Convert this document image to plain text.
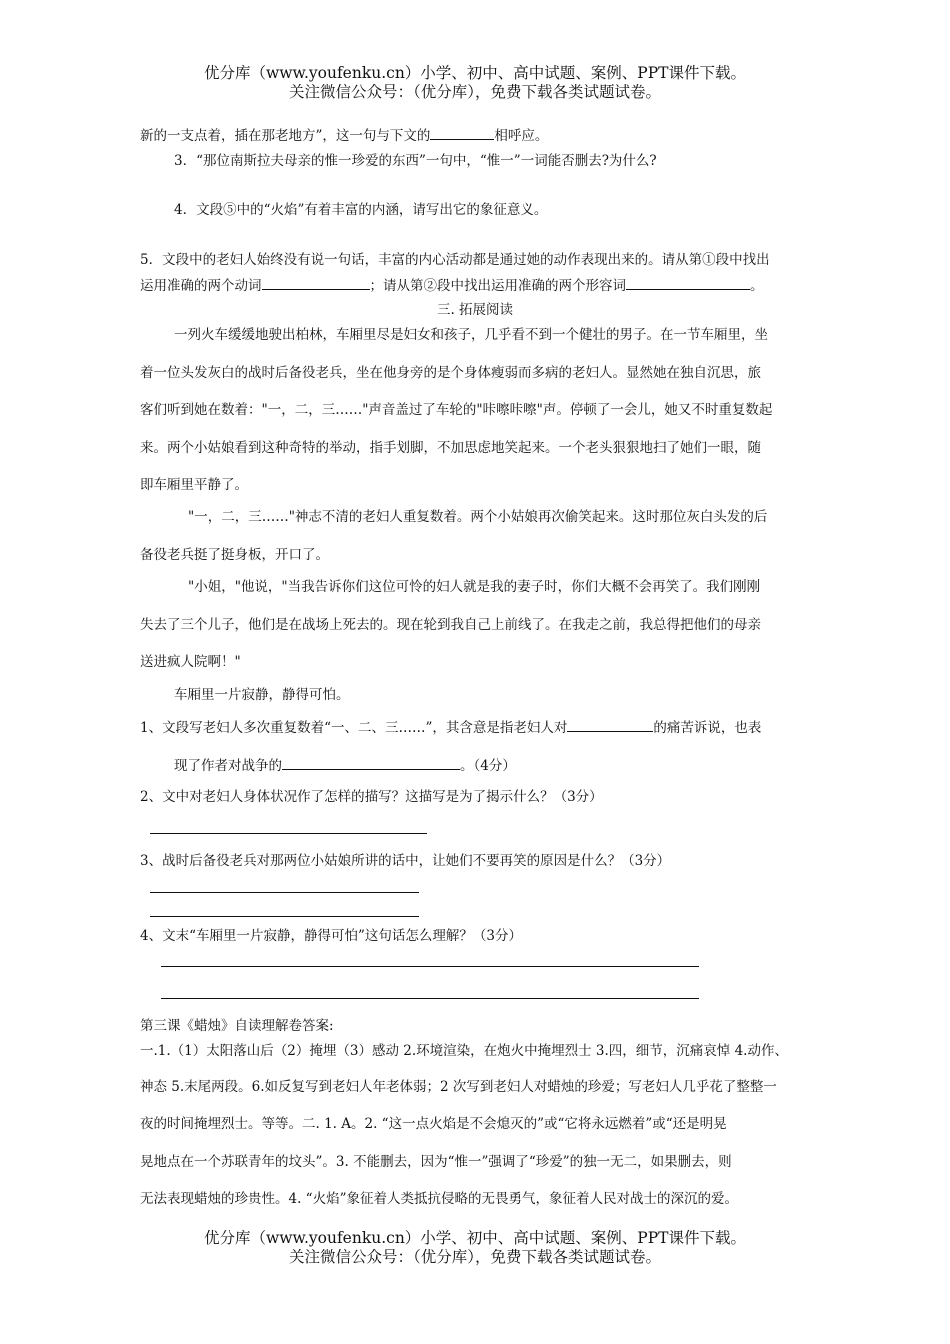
优分库（www.youfenku.cn）小学、初中、高中试题、案例、PPT课件下载。
关注微信公众号：（优分库），免费下载各类试题试卷。
新的一支点着，插在那老地方”，这一句与下文的	相呼应。
3．“那位南斯拉夫母亲的惟一珍爱的东西”一句中，“惟一”一词能否删去?为什么?
4．文段⑤中的“火焰”有着丰富的内涵，请写出它的象征意义。
5．文段中的老妇人始终没有说一句话，丰富的内心活动都是通过她的动作表现出来的。请从第①段中找出
运用准确的两个动词	；请从第②段中找出运用准确的两个形容词	。
三. 拓展阅读
一列火车缓缓地驶出柏林，车厢里尽是妇女和孩子，几乎看不到一个健壮的男子。在一节车厢里，坐
着一位头发灰白的战时后备役老兵，坐在他身旁的是个身体瘦弱而多病的老妇人。显然她在独自沉思，旅
客们听到她在数着："一，二，三……"声音盖过了车轮的"咔嚓咔嚓"声。停顿了一会儿，她又不时重复数起
来。两个小姑娘看到这种奇特的举动，指手划脚，不加思虑地笑起来。一个老头狠狠地扫了她们一眼，随
即车厢里平静了。
"一，二，三……"神志不清的老妇人重复数着。两个小姑娘再次偷笑起来。这时那位灰白头发的后
备役老兵挺了挺身板，开口了。
"小姐，"他说，"当我告诉你们这位可怜的妇人就是我的妻子时，你们大概不会再笑了。我们刚刚
失去了三个儿子，他们是在战场上死去的。现在轮到我自己上前线了。在我走之前，我总得把他们的母亲
送进疯人院啊！"
车厢里一片寂静，静得可怕。
1、文段写老妇人多次重复数着“一、二、三……”，其含意是指老妇人对	的痛苦诉说，也表
现了作者对战争的	。（4分）
2、文中对老妇人身体状况作了怎样的描写？这描写是为了揭示什么？（3分）
3、战时后备役老兵对那两位小姑娘所讲的话中，让她们不要再笑的原因是什么？（3分）
4、文末“车厢里一片寂静，静得可怕”这句话怎么理解？（3分）
第三课《蜡烛》自读理解卷答案:
一.1.（1）太阳落山后（2）掩埋（3）感动 2.环境渲染，在炮火中掩埋烈士 3.四，细节，沉痛哀悼 4.动作、
神态 5.末尾两段。6.如反复写到老妇人年老体弱；2 次写到老妇人对蜡烛的珍爱；写老妇人几乎花了整整一
夜的时间掩埋烈士。等等。二. 1. A。2. “这一点火焰是不会熄灭的”或“它将永远燃着”或“还是明晃
晃地点在一个苏联青年的坟头”。3. 不能删去，因为“惟一”强调了“珍爱”的独一无二，如果删去，则
无法表现蜡烛的珍贵性。4. “火焰”象征着人类抵抗侵略的无畏勇气，象征着人民对战士的深沉的爱。
优分库（www.youfenku.cn）小学、初中、高中试题、案例、PPT课件下载。
关注微信公众号：（优分库），免费下载各类试题试卷。
